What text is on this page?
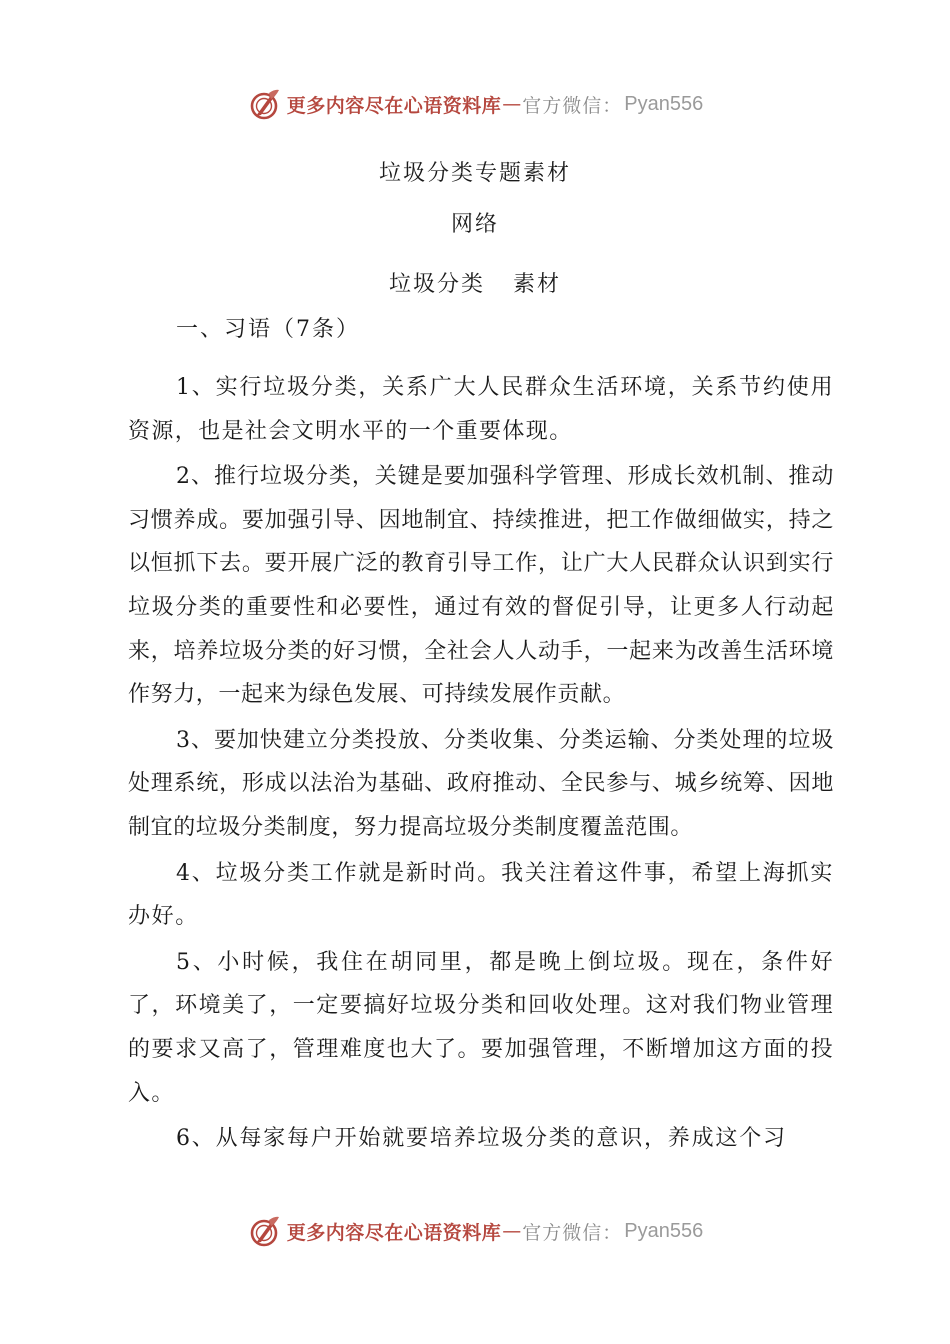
更多内容尽在心语资料库 — 官方微信： Pyan556
垃圾分类专题素材
网络
垃圾分类 素材
一、习语（7条）

1、实行垃圾分类，关系广大人民群众生活环境，关系节约使用资源，也是社会文明水平的一个重要体现。

2、推行垃圾分类，关键是要加强科学管理、形成长效机制、推动习惯养成。要加强引导、因地制宜、持续推进，把工作做细做实，持之以恒抓下去。要开展广泛的教育引导工作，让广大人民群众认识到实行垃圾分类的重要性和必要性，通过有效的督促引导，让更多人行动起来，培养垃圾分类的好习惯，全社会人人动手，一起来为改善生活环境作努力，一起来为绿色发展、可持续发展作贡献。

3、要加快建立分类投放、分类收集、分类运输、分类处理的垃圾处理系统，形成以法治为基础、政府推动、全民参与、城乡统筹、因地制宜的垃圾分类制度，努力提高垃圾分类制度覆盖范围。

4、垃圾分类工作就是新时尚。我关注着这件事，希望上海抓实办好。

5、小时候，我住在胡同里，都是晚上倒垃圾。现在，条件好了，环境美了，一定要搞好垃圾分类和回收处理。这对我们物业管理的要求又高了，管理难度也大了。要加强管理，不断增加这方面的投入。

6、从每家每户开始就要培养垃圾分类的意识，养成这个习

更多内容尽在心语资料库 — 官方微信： Pyan556
